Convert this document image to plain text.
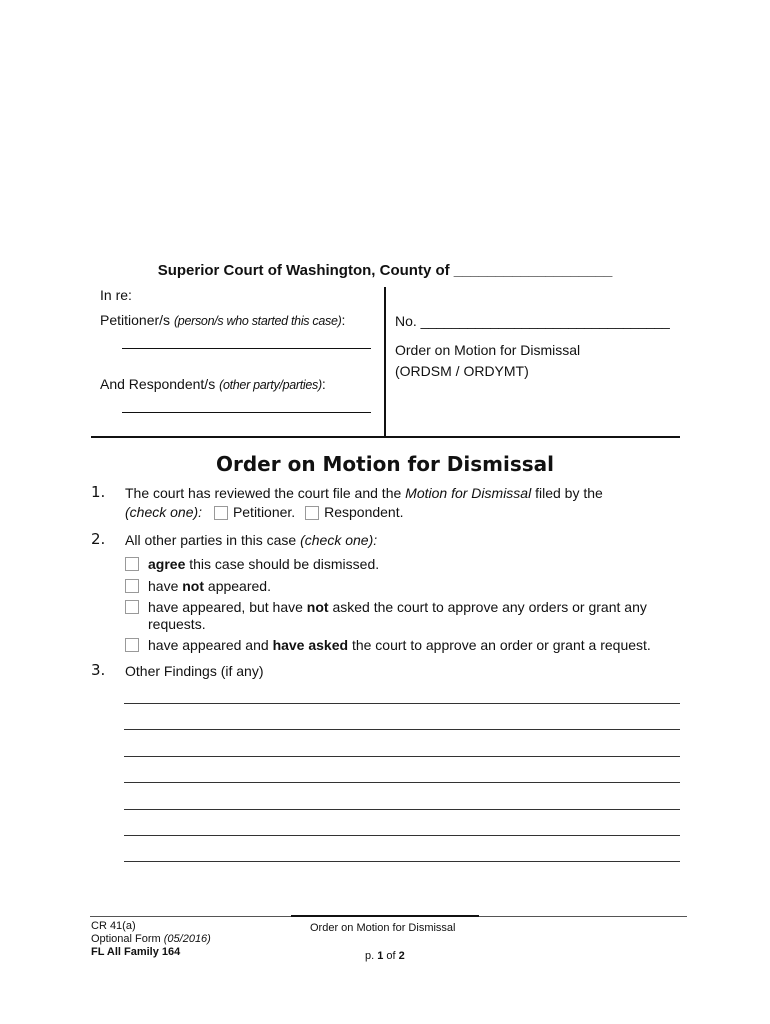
Superior Court of Washington, County of ___________________
In re:
Petitioner/s (person/s who started this case):
And Respondent/s (other party/parties):
No. ________________________________
Order on Motion for Dismissal
(ORDSM / ORDYMT)
Order on Motion for Dismissal
1. The court has reviewed the court file and the Motion for Dismissal filed by the
(check one): Petitioner. Respondent.
2. All other parties in this case (check one):
agree this case should be dismissed.
have not appeared.
have appeared, but have not asked the court to approve any orders or grant any
requests.
have appeared and have asked the court to approve an order or grant a request.
3. Other Findings (if any)
CR 41(a)
Optional Form (05/2016)
FL All Family 164
Order on Motion for Dismissal
p. 1 of 2
